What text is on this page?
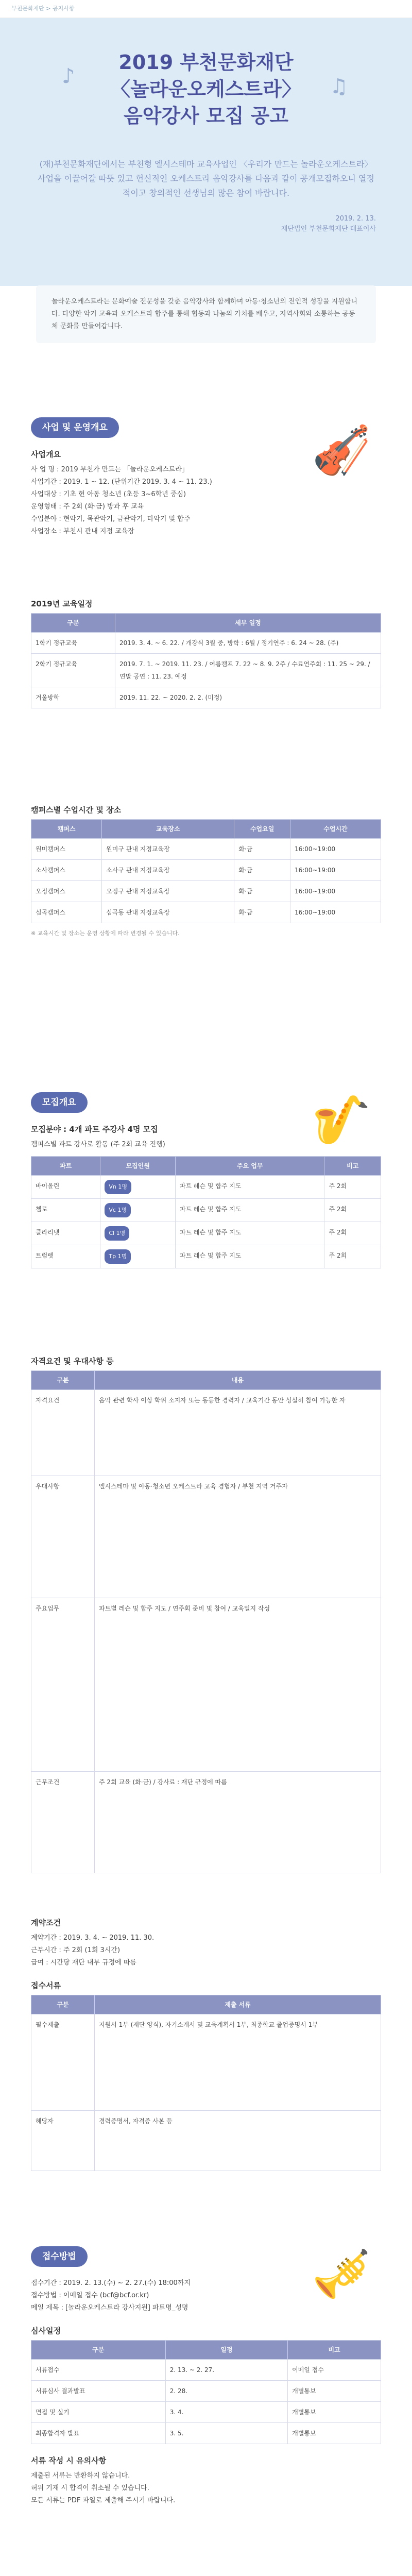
부천문화재단 > 공지사항
2019 부천문화재단
〈놀라운오케스트라〉
음악강사 모집 공고
♪	♫
(재)부천문화재단에서는 부천형 엘시스테마 교육사업인 〈우리가 만드는 놀라운오케스트라〉 사업을 이끌어갈 따뜻 있고 헌신적인 오케스트라 음악강사를 다음과 같이 공개모집하오니 열정적이고 창의적인 선생님의 많은 참여 바랍니다.
2019. 2. 13.
재단법인 부천문화재단 대표이사
놀라운오케스트라는 문화예술 전문성을 갖춘 음악강사와 함께하며 아동·청소년의 전인적 성장을 지원합니다. 다양한 악기 교육과 오케스트라 합주를 통해 협동과 나눔의 가치를 배우고, 지역사회와 소통하는 공동체 문화를 만들어갑니다.
사업 및 운영개요	🎻
사업개요
사 업 명 : 2019 부천가 만드는 「놀라운오케스트라」
사업기간 : 2019. 1 ~ 12. (단위기간 2019. 3. 4 ~ 11. 23.)
사업대상 : 기초 현 아동 청소년 (초등 3~6학년 중심)
운영형태 : 주 2회 (화·금) 방과 후 교육
수업분야 : 현악기, 목관악기, 금관악기, 타악기 및 합주
사업장소 : 부천시 관내 지정 교육장
2019년 교육일정
구분	세부 일정
1학기 정규교육	2019. 3. 4. ~ 6. 22. / 개강식 3월 중, 방학 : 6월 / 정기연주 : 6. 24 ~ 28. (주)
2학기 정규교육	2019. 7. 1. ~ 2019. 11. 23. / 여름캠프 7. 22 ~ 8. 9. 2주 / 수료연주회 : 11. 25 ~ 29. / 연말 공연 : 11. 23. 예정
겨울방학	2019. 11. 22. ~ 2020. 2. 2. (미정)
캠퍼스별 수업시간 및 장소
캠퍼스	교육장소	수업요일	수업시간
원미캠퍼스	원미구 관내 지정교육장	화·금	16:00~19:00
소사캠퍼스	소사구 관내 지정교육장	화·금	16:00~19:00
오정캠퍼스	오정구 관내 지정교육장	화·금	16:00~19:00
심곡캠퍼스	심곡동 관내 지정교육장	화·금	16:00~19:00
※ 교육시간 및 장소는 운영 상황에 따라 변경될 수 있습니다.
모집개요	🎷
모집분야 : 4개 파트 주강사 4명 모집
캠퍼스별 파트 강사로 활동 (주 2회 교육 진행)
파트	모집인원	주요 업무	비고
바이올린	Vn 1명	파트 레슨 및 합주 지도	주 2회
첼로	Vc 1명	파트 레슨 및 합주 지도	주 2회
클라리넷	Cl 1명	파트 레슨 및 합주 지도	주 2회
트럼펫	Tp 1명	파트 레슨 및 합주 지도	주 2회
자격요건 및 우대사항 등
구분	내용
자격요건	음악 관련 학사 이상 학위 소지자 또는 동등한 경력자 / 교육기간 동안 성실히 참여 가능한 자
우대사항	엘시스테마 및 아동·청소년 오케스트라 교육 경험자 / 부천 지역 거주자
주요업무	파트별 레슨 및 합주 지도 / 연주회 준비 및 참여 / 교육일지 작성
근무조건	주 2회 교육 (화·금) / 강사료 : 재단 규정에 따름
계약조건
계약기간 : 2019. 3. 4. ~ 2019. 11. 30.
근무시간 : 주 2회 (1회 3시간)
급여 : 시간당 재단 내부 규정에 따름
접수서류
구분	제출 서류
필수제출	지원서 1부 (재단 양식), 자기소개서 및 교육계획서 1부, 최종학교 졸업증명서 1부
해당자	경력증명서, 자격증 사본 등
접수방법	🎺
접수기간 : 2019. 2. 13.(수) ~ 2. 27.(수) 18:00까지
접수방법 : 이메일 접수 (bcf@bcf.or.kr)
메일 제목 : [놀라운오케스트라 강사지원] 파트명_성명
심사일정
구분	일정	비고
서류접수	2. 13. ~ 2. 27.	이메일 접수
서류심사 결과발표	2. 28.	개별통보
면접 및 실기	3. 4.	개별통보
최종합격자 발표	3. 5.	개별통보
서류 작성 시 유의사항
제출된 서류는 반환하지 않습니다.
허위 기재 시 합격이 취소될 수 있습니다.
모든 서류는 PDF 파일로 제출해 주시기 바랍니다.
